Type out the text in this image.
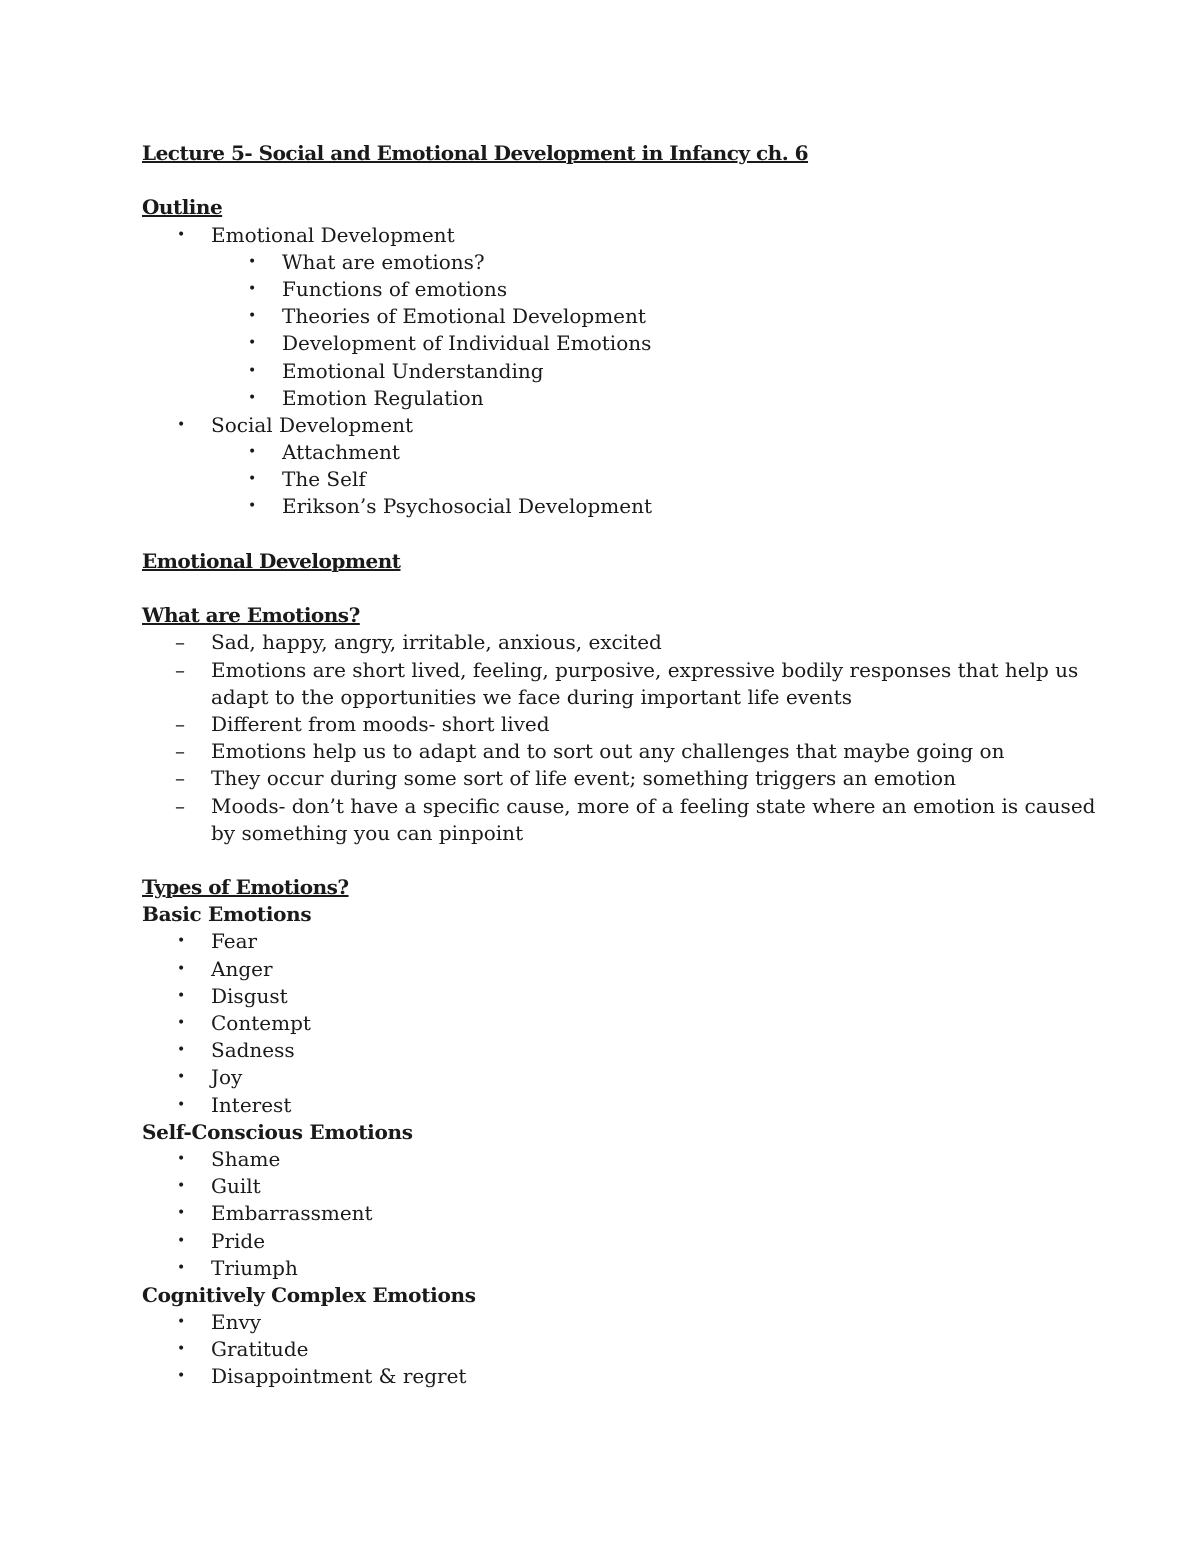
Lecture 5- Social and Emotional Development in Infancy ch. 6
Outline
• Emotional Development
• What are emotions?
• Functions of emotions
• Theories of Emotional Development
• Development of Individual Emotions
• Emotional Understanding
• Emotion Regulation
• Social Development
• Attachment
• The Self
• Erikson’s Psychosocial Development
Emotional Development
What are Emotions?
– Sad, happy, angry, irritable, anxious, excited
– Emotions are short lived, feeling, purposive, expressive bodily responses that help us
adapt to the opportunities we face during important life events
– Different from moods- short lived
– Emotions help us to adapt and to sort out any challenges that maybe going on
– They occur during some sort of life event; something triggers an emotion
– Moods- don’t have a specific cause, more of a feeling state where an emotion is caused
by something you can pinpoint
Types of Emotions?
Basic Emotions
• Fear
• Anger
• Disgust
• Contempt
• Sadness
• Joy
• Interest
Self-Conscious Emotions
• Shame
• Guilt
• Embarrassment
• Pride
• Triumph
Cognitively Complex Emotions
• Envy
• Gratitude
• Disappointment & regret
